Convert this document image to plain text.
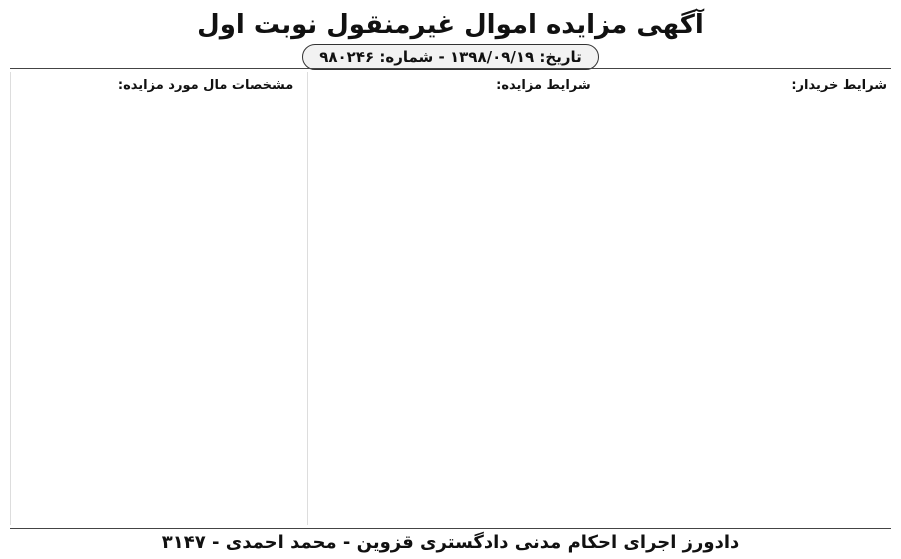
آگهی مزایده اموال غیرمنقول نوبت اول
تاریخ: ۱۳۹۸/۰۹/۱۹ - شماره: ۹۸۰۲۴۶
مشخصات مال مورد مزایده:	شرایط مزایده:	شرایط خریدار:
دادورز اجرای احکام مدنی دادگستری قزوین - محمد احمدی - ۳۱۴۷
